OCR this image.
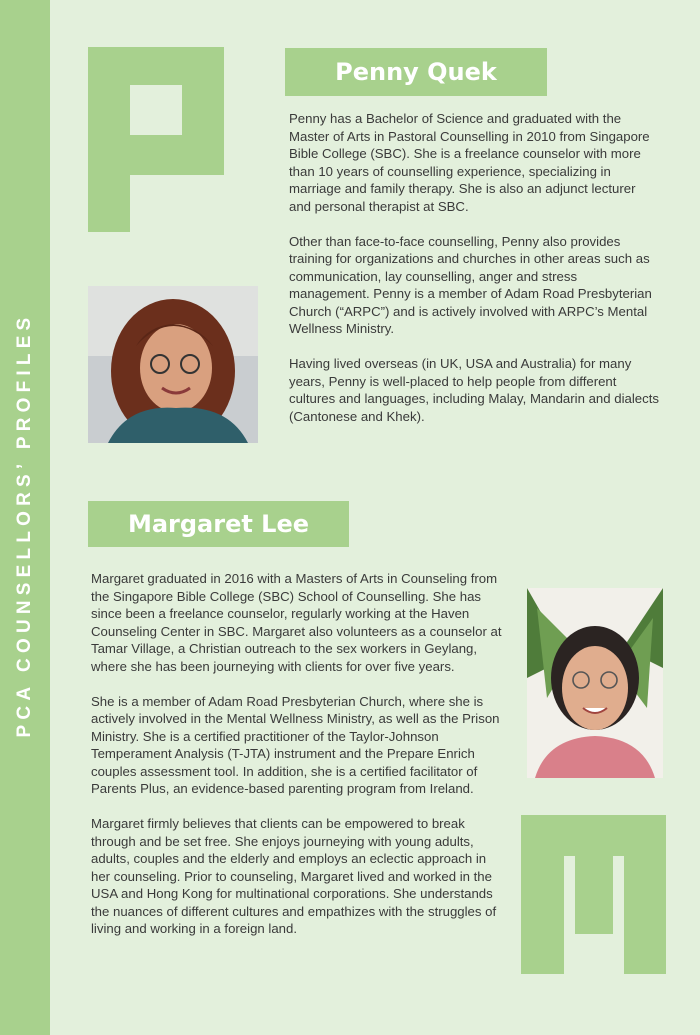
PCA COUNSELLORS’ PROFILES
Penny Quek

Penny has a Bachelor of Science and graduated with the Master of Arts in Pastoral Counselling in 2010 from Singapore Bible College (SBC). She is a freelance counselor with more than 10 years of counselling experience, specializing in marriage and family therapy. She is also an adjunct lecturer and personal therapist at SBC.

Other than face-to-face counselling, Penny also provides training for organizations and churches in other areas such as communication, lay counselling, anger and stress management. Penny is a member of Adam Road Presbyterian Church (“ARPC”) and is actively involved with ARPC’s Mental Wellness Ministry.

Having lived overseas (in UK, USA and Australia) for many years, Penny is well-placed to help people from different cultures and languages, including Malay, Mandarin and dialects (Cantonese and Khek).

Margaret Lee

Margaret graduated in 2016 with a Masters of Arts in Counseling from the Singapore Bible College (SBC) School of Counselling. She has since been a freelance counselor, regularly working at the Haven Counseling Center in SBC. Margaret also volunteers as a counselor at Tamar Village, a Christian outreach to the sex workers in Geylang, where she has been journeying with clients for over five years.

She is a member of Adam Road Presbyterian Church, where she is actively involved in the Mental Wellness Ministry, as well as the Prison Ministry. She is a certified practitioner of the Taylor-Johnson Temperament Analysis (T-JTA) instrument and the Prepare Enrich couples assessment tool. In addition, she is a certified facilitator of Parents Plus, an evidence-based parenting program from Ireland.

Margaret firmly believes that clients can be empowered to break through and be set free. She enjoys journeying with young adults, adults, couples and the elderly and employs an eclectic approach in her counseling. Prior to counseling, Margaret lived and worked in the USA and Hong Kong for multinational corporations. She understands the nuances of different cultures and empathizes with the struggles of living and working in a foreign land.
